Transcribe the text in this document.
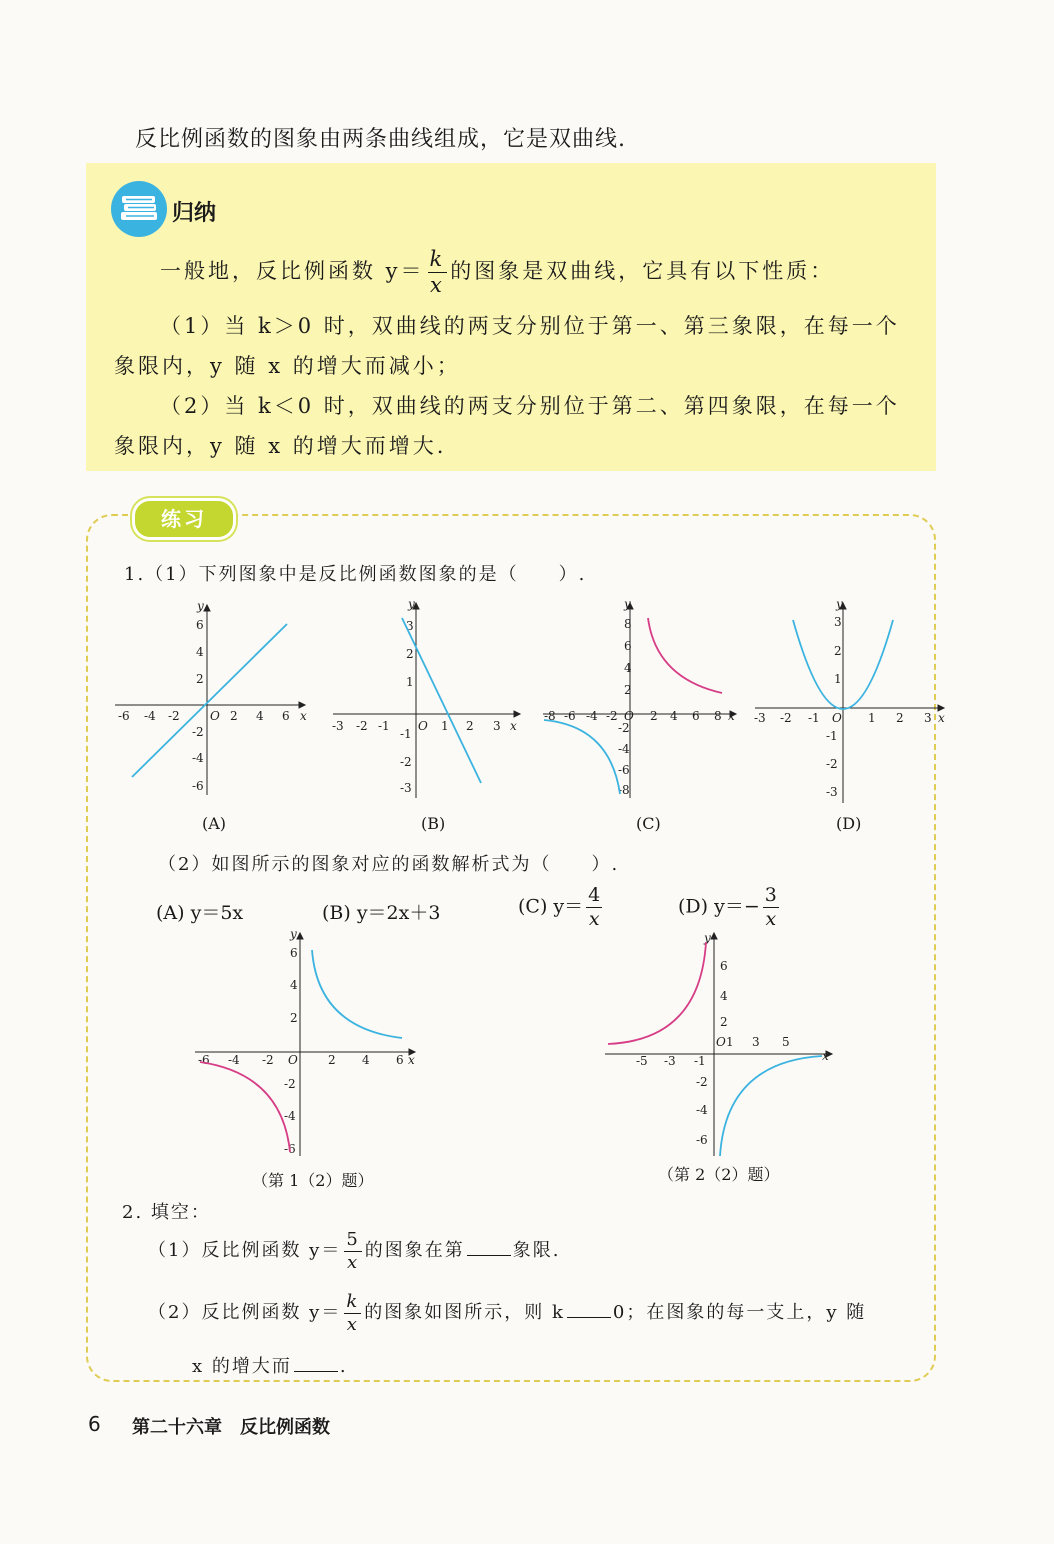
反比例函数的图象由两条曲线组成，它是双曲线.
归纳
一般地，反比例函数 $y= \frac{k}{x}$ 的图象是双曲线，它具有以下性质：
（1）当 k＞0 时，双曲线的两支分别位于第一、第三象限，在每一个
象限内，y 随 x 的增大而减小；
（2）当 k＜0 时，双曲线的两支分别位于第二、第四象限，在每一个
象限内，y 随 x 的增大而增大.
练习
1.（1）下列图象中是反比例函数图象的是（　　）.
-6 -4 -2	O 2 4 6 x
6
4
2
-2
-4
-6
y
(A)
-3 -2 -1 O 1 2 3 x
3
2
1
-1
-2
-3
y
(B)
-8 -6 -4 -2 O 2 4 6 8 x
8
6
4
2
-2
-4
-6
-8
y
(C)
-3 -2 -1 O 1 2 3 x
3
2
1
-1
-2
-3
y
(D)
（2）如图所示的图象对应的函数解析式为（　　）.
(A) y＝5x	(B) y＝2x＋3	(C) $y= \frac{4}{x}$	(D) $y=- \frac{3}{x}$
-6 -4 -2 O	2 4 6 x
6
4
2
-2
-4
-6
y
（第 1（2）题）
-5 -3 -1
O 1 3 5
x
6
4
2
-2
-4
-6
y
（第 2（2）题）
2. 填空：
（1）反比例函数 $y= \frac{5}{x}$ 的图象在第	象限.
（2）反比例函数 $y= \frac{k}{x}$ 的图象如图所示，则 k	0；在图象的每一支上，y 随
x 的增大而	.
6 第二十六章　反比例函数
